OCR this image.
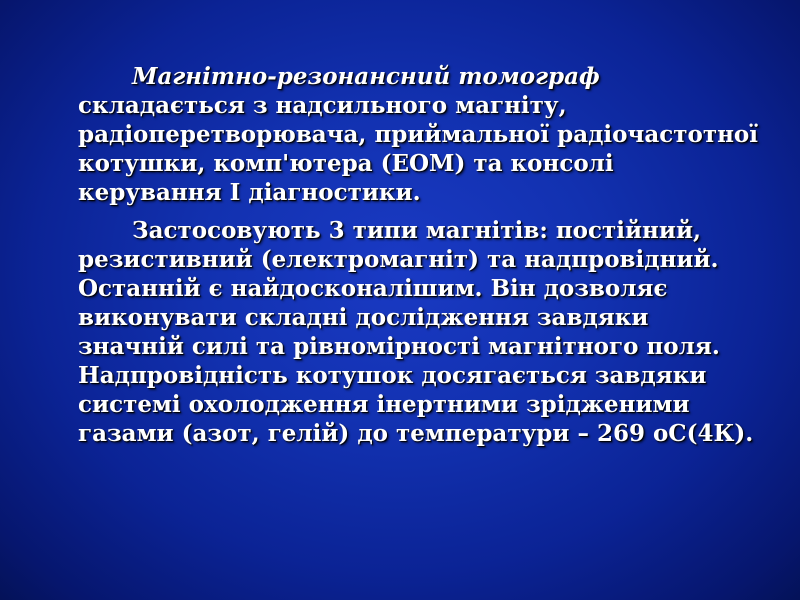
Магнітно-резонансний томограф
складається з надсильного магніту, радіоперетворювача, приймальної радіочастотної котушки, комп'ютера (ЕОМ) та консолі керування І діагностики.

Застосовують 3 типи магнітів: постійний, резистивний (електромагніт) та надпровідний. Останній є найдосконалішим. Він дозволяє виконувати складні дослідження завдяки значній силі та рівномірності магнітного поля. Надпровідність котушок досягається завдяки системі охолодження інертними зрідженими газами (азот, гелій) до температури – 269 оС(4К).
